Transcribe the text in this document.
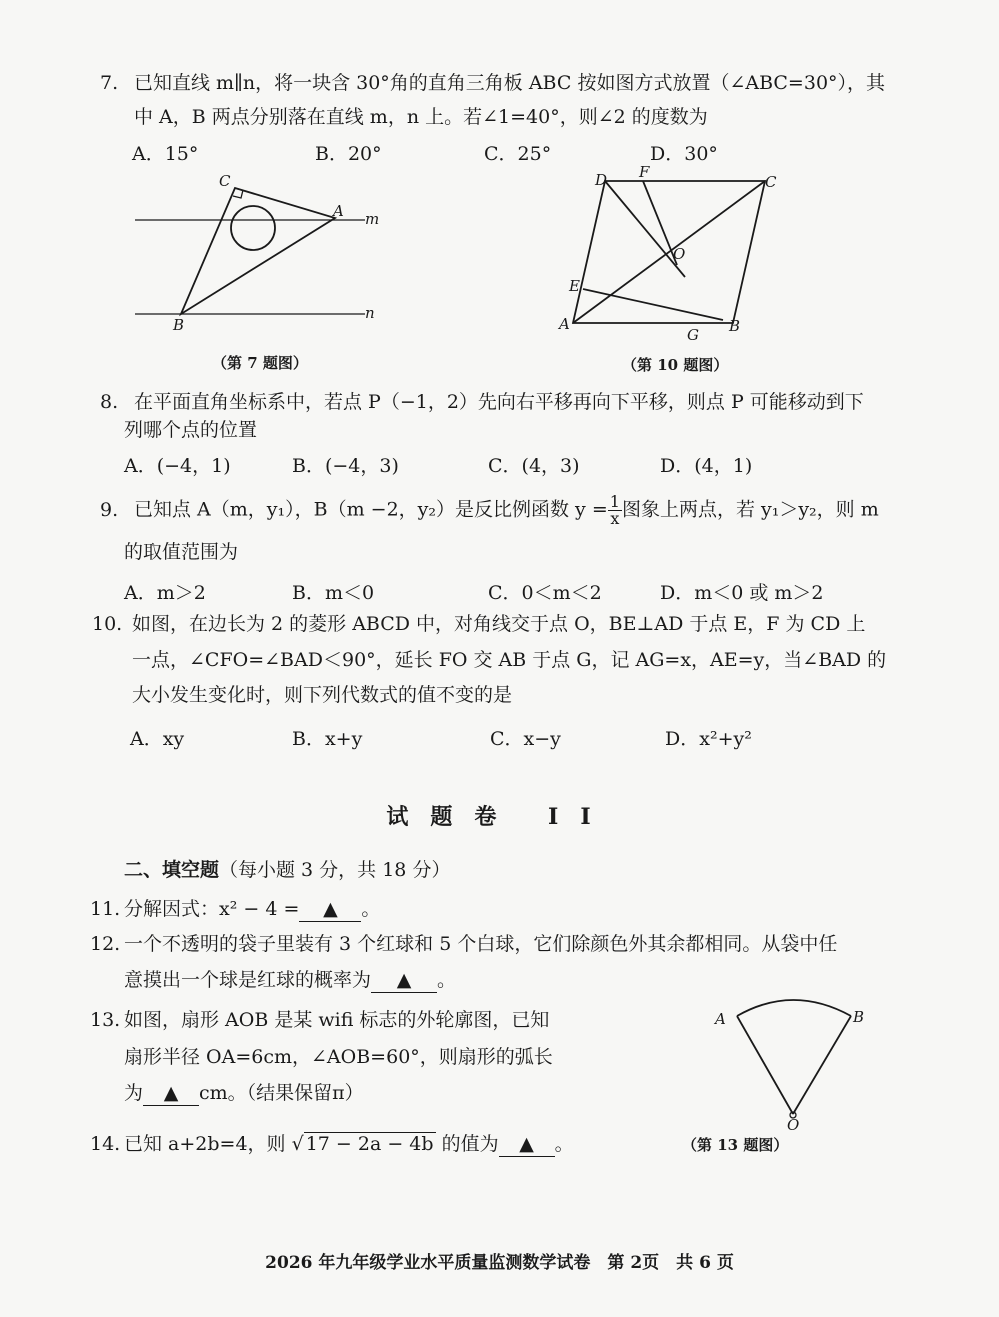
7. 已知直线 m∥n，将一块含 30°角的直角三角板 ABC 按如图方式放置（∠ABC=30°），其
中 A，B 两点分别落在直线 m，n 上。若∠1=40°，则∠2 的度数为
A．15°	B．20°	C．25°	D．30°
C
A m
B
n
（第 7 题图）
D F
C
O
E
A
G B
（第 10 题图）
8. 在平面直角坐标系中，若点 P（−1，2）先向右平移再向下平移，则点 P 可能移动到下
列哪个点的位置
A．(−4，1)	B．(−4，3)	C．(4，3)	D．(4，1)
9. 已知点 A（m，y₁），B（m −2，y₂）是反比例函数 $y = \frac{1}{x}$ 图象上两点，若 y₁＞y₂，则 m
的取值范围为
A．m＞2	B．m＜0	C．0＜m＜2	D．m＜0 或 m＞2
10. 如图，在边长为 2 的菱形 ABCD 中，对角线交于点 O，BE⊥AD 于点 E，F 为 CD 上
一点，∠CFO=∠BAD＜90°，延长 FO 交 AB 于点 G，记 AG=x，AE=y，当∠BAD 的
大小发生变化时，则下列代数式的值不变的是
A．xy	B．x+y	C．x−y	D．x²+y²
试题卷 II
二、填空题（每小题 3 分，共 18 分）
11. 分解因式：x² − 4 = ▲ 。
12. 一个不透明的袋子里装有 3 个红球和 5 个白球，它们除颜色外其余都相同。从袋中任
意摸出一个球是红球的概率为 ▲ 。
13. 如图，扇形 AOB 是某 wifi 标志的外轮廓图，已知
扇形半径 OA=6cm，∠AOB=60°，则扇形的弧长
为 ▲ cm。（结果保留π）
A	B
O
（第 13 题图）
14. 已知 a+2b=4，则 √ 17 − 2a − 4b 的值为 ▲ 。
2026 年九年级学业水平质量监测数学试卷　第 2页　共 6 页
